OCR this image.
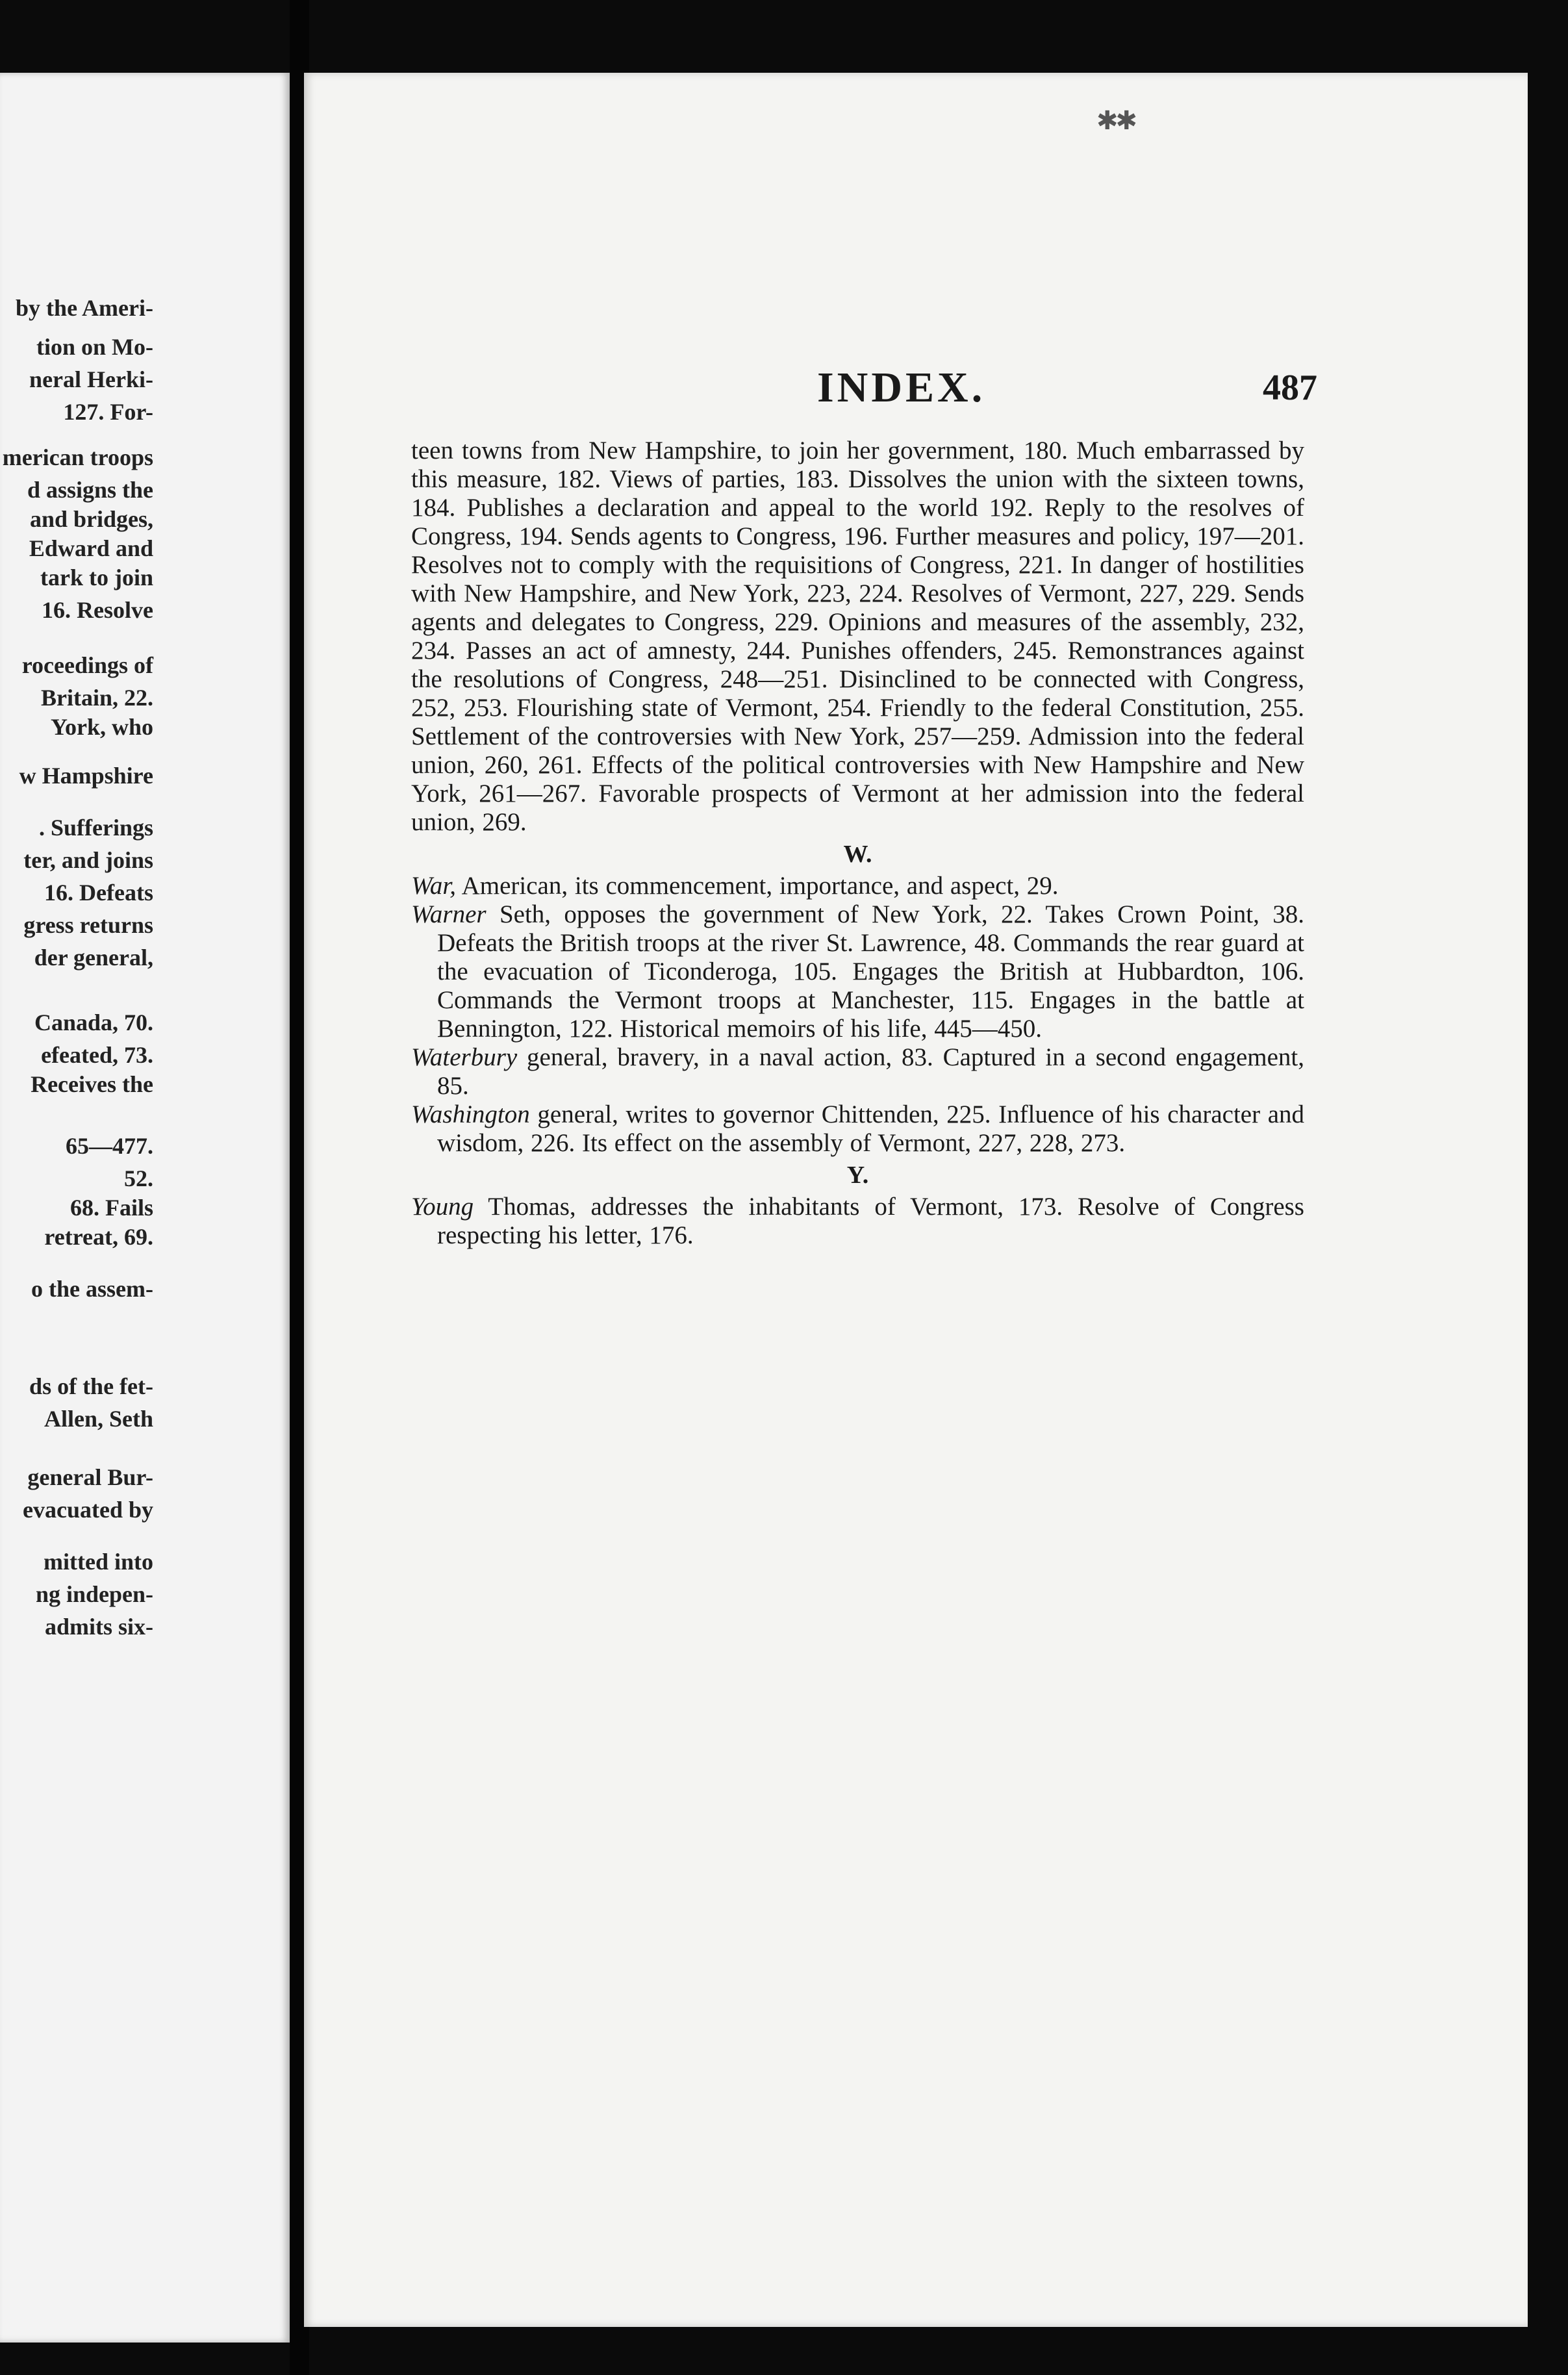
by the Ameri-
tion on Mo-
neral Herki-
127. For-
merican troops
d assigns the
and bridges,
Edward and
tark to join
16. Resolve
roceedings of
Britain, 22.
York, who
w Hampshire
. Sufferings
ter, and joins
16. Defeats
gress returns
der general,
Canada, 70.
efeated, 73.
Receives the
65—477.
52.
68. Fails
retreat, 69.
o the assem-
ds of the fet-
Allen, Seth
general Bur-
evacuated by
mitted into
ng indepen-
admits six-
✱✱
INDEX.	487

teen towns from New Hampshire, to join her government, 180. Much embarrassed by this measure, 182. Views of parties, 183. Dissolves the union with the sixteen towns, 184. Publishes a declaration and appeal to the world 192. Reply to the resolves of Congress, 194. Sends agents to Congress, 196. Further measures and policy, 197—201. Resolves not to comply with the requisitions of Congress, 221. In danger of hostilities with New Hampshire, and New York, 223, 224. Resolves of Vermont, 227, 229. Sends agents and delegates to Congress, 229. Opinions and measures of the assembly, 232, 234. Passes an act of amnesty, 244. Punishes offenders, 245. Remonstrances against the resolutions of Congress, 248—251. Disinclined to be connected with Congress, 252, 253. Flourishing state of Vermont, 254. Friendly to the federal Constitution, 255. Settlement of the controversies with New York, 257—259. Admission into the federal union, 260, 261. Effects of the political controversies with New Hampshire and New York, 261—267. Favorable prospects of Vermont at her admission into the federal union, 269.

W.

War, American, its commencement, importance, and aspect, 29.

Warner Seth, opposes the government of New York, 22. Takes Crown Point, 38. Defeats the British troops at the river St. Lawrence, 48. Commands the rear guard at the evacuation of Ticonderoga, 105. Engages the British at Hubbardton, 106. Commands the Vermont troops at Manchester, 115. Engages in the battle at Bennington, 122. Historical memoirs of his life, 445—450.

Waterbury general, bravery, in a naval action, 83. Captured in a second engagement, 85.

Washington general, writes to governor Chittenden, 225. Influence of his character and wisdom, 226. Its effect on the assembly of Vermont, 227, 228, 273.

Y.

Young Thomas, addresses the inhabitants of Vermont, 173. Resolve of Congress respecting his letter, 176.
